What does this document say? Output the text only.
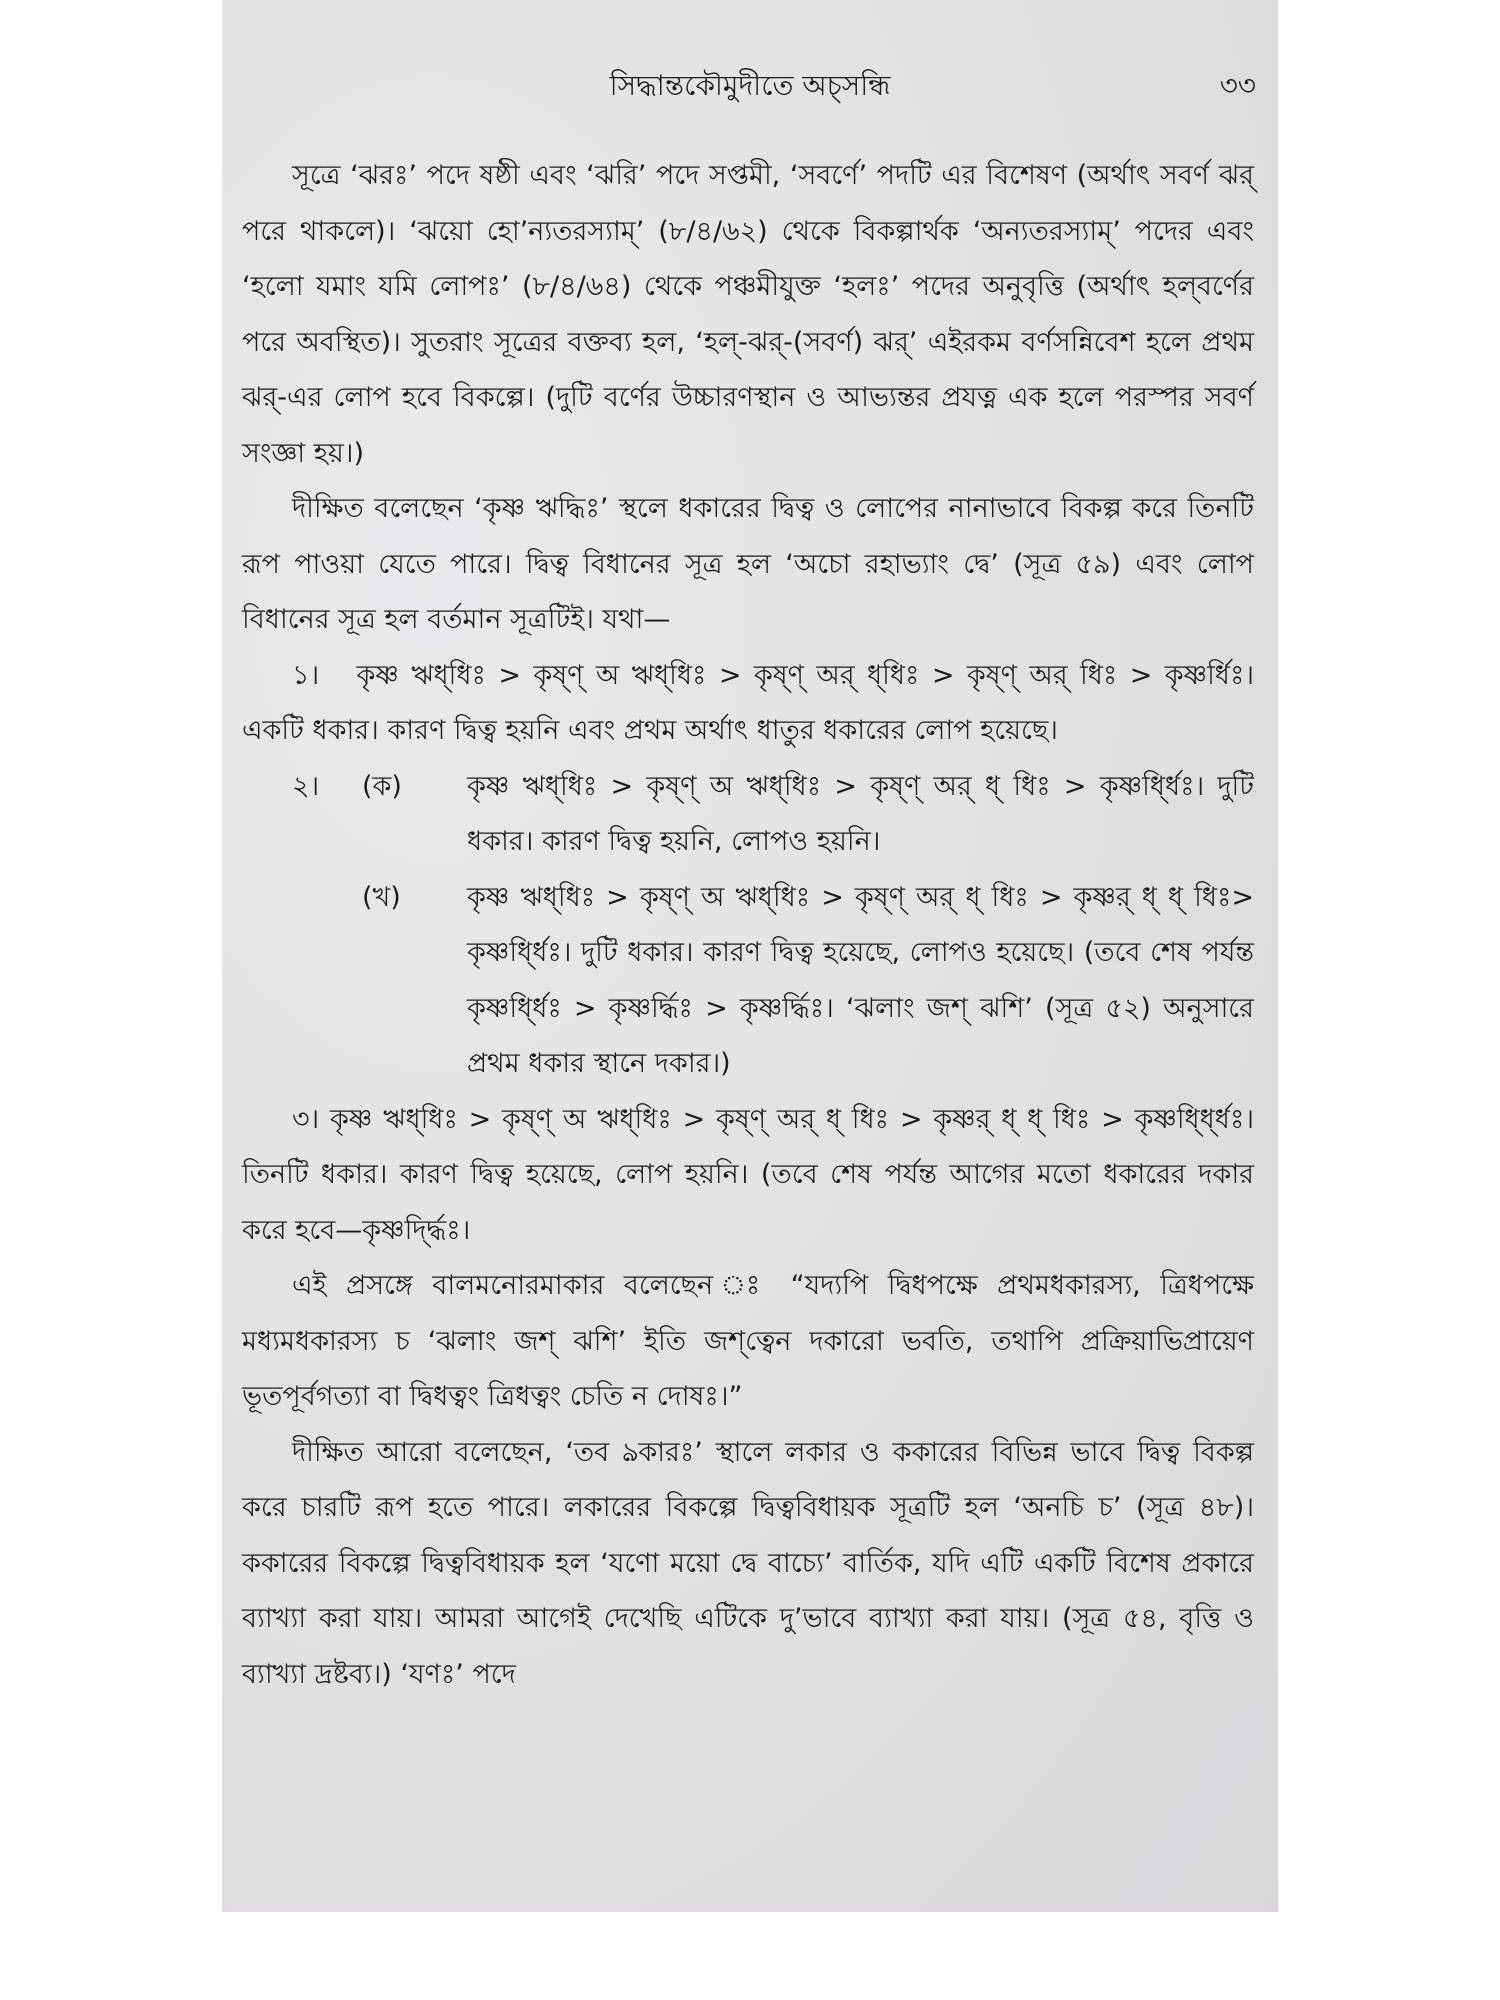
সিদ্ধান্তকৌমুদীতে অচ্‌সন্ধি	৩৩

সূত্রে ‘ঝরঃ’ পদে ষষ্ঠী এবং ‘ঝরি’ পদে সপ্তমী, ‘সবর্ণে’ পদটি এর বিশেষণ (অর্থাৎ সবর্ণ ঝর্‌ পরে থাকলে)। ‘ঝয়ো হো’ন্যতরস্যাম্‌’ (৮/৪/৬২) থেকে বিকল্পার্থক ‘অন্যতরস্যাম্‌’ পদের এবং ‘হলো যমাং যমি লোপঃ’ (৮/৪/৬৪) থেকে পঞ্চমীযুক্ত ‘হলঃ’ পদের অনুবৃত্তি (অর্থাৎ হল্‌বর্ণের পরে অবস্থিত)। সুতরাং সূত্রের বক্তব্য হল, ‘হল্‌-ঝর্‌-(সবর্ণ) ঝর্‌’ এইরকম বর্ণসন্নিবেশ হলে প্রথম ঝর্‌-এর লোপ হবে বিকল্পে। (দুটি বর্ণের উচ্চারণস্থান ও আভ্যন্তর প্রযত্ন এক হলে পরস্পর সবর্ণ সংজ্ঞা হয়।)

দীক্ষিত বলেছেন ‘কৃষ্ণ ঋদ্ধিঃ’ স্থলে ধকারের দ্বিত্ব ও লোপের নানাভাবে বিকল্প করে তিনটি রূপ পাওয়া যেতে পারে। দ্বিত্ব বিধানের সূত্র হল ‘অচো রহাভ্যাং দ্বে’ (সূত্র ৫৯) এবং লোপ বিধানের সূত্র হল বর্তমান সূত্রটিই। যথা—

১। কৃষ্ণ ঋধ্‌ধিঃ > কৃষ্ণ্‌ অ ঋধ্‌ধিঃ > কৃষ্ণ্‌ অর্‌ ধ্‌ধিঃ > কৃষ্ণ্‌ অর্‌ ধিঃ > কৃষ্ণর্ধিঃ। একটি ধকার। কারণ দ্বিত্ব হয়নি এবং প্রথম অর্থাৎ ধাতুর ধকারের লোপ হয়েছে।

২।	(ক)	কৃষ্ণ ঋধ্‌ধিঃ > কৃষ্ণ্‌ অ ঋধ্‌ধিঃ > কৃষ্ণ্‌ অর্‌ ধ্‌ ধিঃ > কৃষ্ণর্ধ্ধিঃ। দুটি ধকার। কারণ দ্বিত্ব হয়নি, লোপও হয়নি।
(খ)	কৃষ্ণ ঋধ্‌ধিঃ > কৃষ্ণ্‌ অ ঋধ্‌ধিঃ > কৃষ্ণ্‌ অর্‌ ধ্‌ ধিঃ > কৃষ্ণর্‌ ধ্‌ ধ্‌ ধিঃ> কৃষ্ণর্ধ্ধিঃ। দুটি ধকার। কারণ দ্বিত্ব হয়েছে, লোপও হয়েছে। (তবে শেষ পর্যন্ত কৃষ্ণর্ধ্ধিঃ > কৃষ্ণর্দ্ধিঃ > কৃষ্ণর্দ্ধিঃ। ‘ঝলাং জশ্‌ ঝশি’ (সূত্র ৫২) অনুসারে প্রথম ধকার স্থানে দকার।)

৩। কৃষ্ণ ঋধ্‌ধিঃ > কৃষ্ণ্‌ অ ঋধ্‌ধিঃ > কৃষ্ণ্‌ অর্‌ ধ্‌ ধিঃ > কৃষ্ণর্‌ ধ্‌ ধ্‌ ধিঃ > কৃষ্ণর্ধ্ধ্ধিঃ। তিনটি ধকার। কারণ দ্বিত্ব হয়েছে, লোপ হয়নি। (তবে শেষ পর্যন্ত আগের মতো ধকারের দকার করে হবে—কৃষ্ণর্দ্দ্ধিঃ।

এই প্রসঙ্গে বালমনোরমাকার বলেছেন ঃ “যদ্যপি দ্বিধপক্ষে প্রথমধকারস্য, ত্রিধপক্ষে মধ্যমধকারস্য চ ‘ঝলাং জশ্‌ ঝশি’ ইতি জশ্‌ত্বেন দকারো ভবতি, তথাপি প্রক্রিয়াভিপ্রায়েণ ভূতপূর্বগত্যা বা দ্বিধত্বং ত্রিধত্বং চেতি ন দোষঃ।”

দীক্ষিত আরো বলেছেন, ‘তব ঌকারঃ’ স্থালে লকার ও ককারের বিভিন্ন ভাবে দ্বিত্ব বিকল্প করে চারটি রূপ হতে পারে। লকারের বিকল্পে দ্বিত্ববিধায়ক সূত্রটি হল ‘অনচি চ’ (সূত্র ৪৮)। ককারের বিকল্পে দ্বিত্ববিধায়ক হল ‘যণো ময়ো দ্বে বাচ্যে’ বার্তিক, যদি এটি একটি বিশেষ প্রকারে ব্যাখ্যা করা যায়। আমরা আগেই দেখেছি এটিকে দু’ভাবে ব্যাখ্যা করা যায়। (সূত্র ৫৪, বৃত্তি ও ব্যাখ্যা দ্রষ্টব্য।) ‘যণঃ’ পদে
